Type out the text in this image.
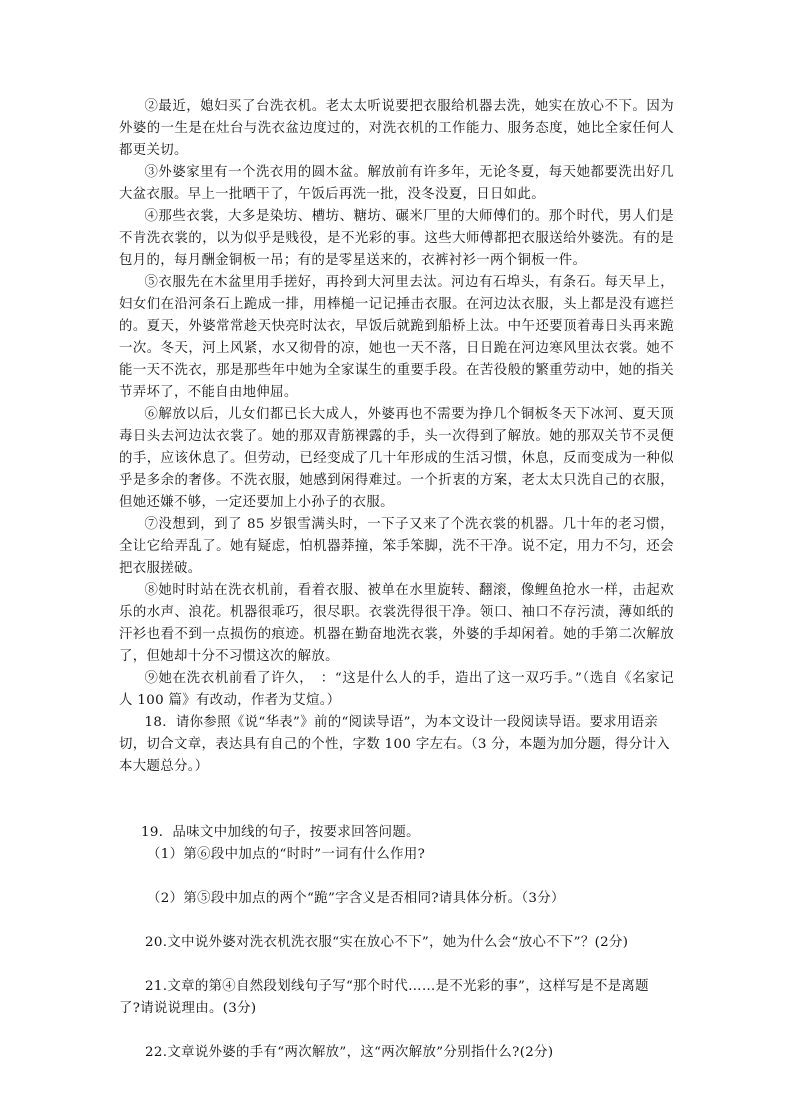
②最近，媳妇买了台洗衣机。老太太听说要把衣服给机器去洗，她实在放心不下。因为外婆的一生是在灶台与洗衣盆边度过的，对洗衣机的工作能力、服务态度，她比全家任何人都更关切。

③外婆家里有一个洗衣用的圆木盆。解放前有许多年，无论冬夏，每天她都要洗出好几大盆衣服。早上一批晒干了，午饭后再洗一批，没冬没夏，日日如此。

④那些衣裳，大多是染坊、槽坊、糖坊、碾米厂里的大师傅们的。那个时代，男人们是不肯洗衣裳的，以为似乎是贱役，是不光彩的事。这些大师傅都把衣服送给外婆洗。有的是包月的，每月酬金铜板一吊；有的是零星送来的，衣裤衬衫一两个铜板一件。

⑤衣服先在木盆里用手搓好，再拎到大河里去汰。河边有石埠头，有条石。每天早上，妇女们在沿河条石上跪成一排，用棒槌一记记捶击衣服。在河边汰衣服，头上都是没有遮拦的。夏天，外婆常常趁天快亮时汰衣，早饭后就跪到船桥上汰。中午还要顶着毒日头再来跪一次。冬天，河上风紧，水又彻骨的凉，她也一天不落，日日跪在河边寒风里汰衣裳。她不能一天不洗衣，那是那些年中她为全家谋生的重要手段。在苦役般的繁重劳动中，她的指关节弄坏了，不能自由地伸屈。

⑥解放以后，儿女们都已长大成人，外婆再也不需要为挣几个铜板冬天下冰河、夏天顶毒日头去河边汰衣裳了。她的那双青筋裸露的手，头一次得到了解放。她的那双关节不灵便的手，应该休息了。但劳动，已经变成了几十年形成的生活习惯，休息，反而变成为一种似乎是多余的奢侈。不洗衣服，她感到闲得难过。一个折衷的方案，老太太只洗自己的衣服，但她还嫌不够，一定还要加上小孙子的衣服。

⑦没想到，到了 85 岁银雪满头时，一下子又来了个洗衣裳的机器。几十年的老习惯，全让它给弄乱了。她有疑虑，怕机器莽撞，笨手笨脚，洗不干净。说不定，用力不匀，还会把衣服搓破。

⑧她时时站在洗衣机前，看着衣服、被单在水里旋转、翻滚，像鲤鱼抢水一样，击起欢乐的水声、浪花。机器很乖巧，很尽职。衣裳洗得很干净。领口、袖口不存污渍，薄如纸的汗衫也看不到一点损伤的痕迹。机器在勤奋地洗衣裳，外婆的手却闲着。她的手第二次解放了，但她却十分不习惯这次的解放。

⑨她在洗衣机前看了许久，　：“这是什么人的手，造出了这一双巧手。”（选自《名家记人 100 篇》有改动，作者为艾煊。）

18．请你参照《说“华表”》前的“阅读导语”，为本文设计一段阅读导语。要求用语亲切，切合文章，表达具有自己的个性，字数 100 字左右。（3 分，本题为加分题，得分计入本大题总分。）

19．品味文中加线的句子，按要求回答问题。

（1）第⑥段中加点的“时时”一词有什么作用?

（2）第⑤段中加点的两个“跪”字含义是否相同?请具体分析。（3分）

20.文中说外婆对洗衣机洗衣服“实在放心不下”，她为什么会“放心不下”？(2分)

21.文章的第④自然段划线句子写“那个时代……是不光彩的事”，这样写是不是离题
了?请说说理由。(3分)

22.文章说外婆的手有“两次解放”，这“两次解放”分别指什么?(2分)
